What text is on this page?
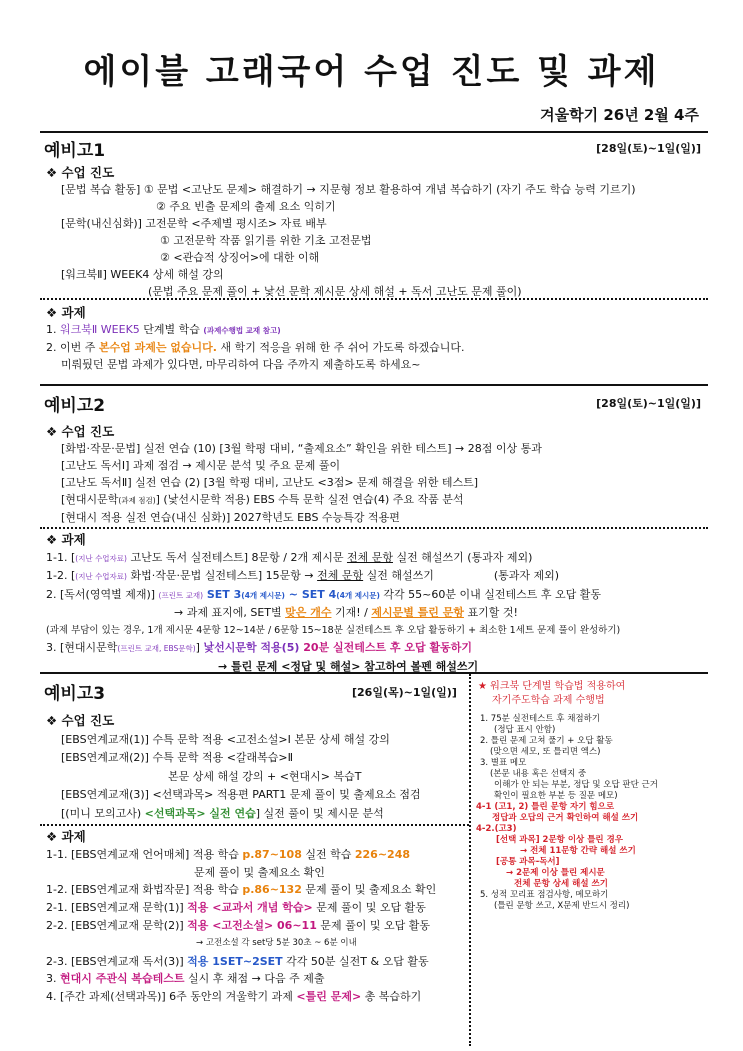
에이블 고래국어 수업 진도 및 과제
겨울학기 26년 2월 4주
예비고1	[28일(토)~1일(일)]
❖ 수업 진도
[문법 복습 활동] ① 문법 <고난도 문제> 해결하기 → 지문형 정보 활용하여 개념 복습하기 (자기 주도 학습 능력 기르기)
② 주요 빈출 문제의 출제 요소 익히기
[문학(내신심화)] 고전문학 <주제별 평시조> 자료 배부
① 고전문학 작품 읽기를 위한 기초 고전문법
② <관습적 상징어>에 대한 이해
[워크북Ⅱ] WEEK4 상세 해설 강의
(문법 주요 문제 풀이 + 낯선 문학 제시문 상세 해설 + 독서 고난도 문제 풀이)
❖ 과제
1. 워크북Ⅱ WEEK5 단계별 학습 (과제수행법 교재 참고)
2. 이번 주 본수업 과제는 없습니다. 새 학기 적응을 위해 한 주 쉬어 가도록 하겠습니다.
미뤄뒀던 문법 과제가 있다면, 마무리하여 다음 주까지 제출하도록 하세요~
예비고2	[28일(토)~1일(일)]
❖ 수업 진도
[화법·작문·문법] 실전 연습 (10) [3월 학평 대비, “출제요소” 확인을 위한 테스트] → 28점 이상 통과
[고난도 독서Ⅰ] 과제 점검 → 제시문 분석 및 주요 문제 풀이
[고난도 독서Ⅱ] 실전 연습 (2) [3월 학평 대비, 고난도 <3점> 문제 해결을 위한 테스트]
[현대시문학(과제 점검)] (낯선시문학 적용) EBS 수특 문학 실전 연습(4) 주요 작품 분석
[현대시 적용 실전 연습(내신 심화)] 2027학년도 EBS 수능특강 적용편
❖ 과제
1-1. [(지난 수업자료) 고난도 독서 실전테스트] 8문항 / 2개 제시문 전체 문항 실전 해설쓰기 (통과자 제외)
1-2. [(지난 수업자료) 화법·작문·문법 실전테스트] 15문항 → 전체 문항 실전 해설쓰기	(통과자 제외)
2. [독서(영역별 제재)] (프린트 교재) SET 3(4개 제시문) ~ SET 4(4개 제시문) 각각 55~60분 이내 실전테스트 후 오답 활동
→ 과제 표지에, SET별 맞은 개수 기재! / 제시문별 틀린 문항 표기할 것!
(과제 부담이 있는 경우, 1개 제시문 4문항 12~14분 / 6문항 15~18분 실전테스트 후 오답 활동하기 + 최소한 1세트 문제 풀이 완성하기)
3. [현대시문학(프린트 교재, EBS문학)] 낯선시문학 적용(5) 20분 실전테스트 후 오답 활동하기
→ 틀린 문제 <정답 및 해설> 참고하여 볼펜 해설쓰기
예비고3	[26일(목)~1일(일)]
❖ 수업 진도
[EBS연계교재(1)] 수특 문학 적용 <고전소설>Ⅰ 본문 상세 해설 강의
[EBS연계교재(2)] 수특 문학 적용 <갈래복습>Ⅱ
본문 상세 해설 강의 + <현대시> 복습T
[EBS연계교재(3)] <선택과목> 적용편 PART1 문제 풀이 및 출제요소 점검
[(미니 모의고사) <선택과목> 실전 연습] 실전 풀이 및 제시문 분석
❖ 과제
1-1. [EBS연계교재 언어매체] 적용 학습 p.87~108 실전 학습 226~248
문제 풀이 및 출제요소 확인
1-2. [EBS연계교재 화법작문] 적용 학습 p.86~132 문제 풀이 및 출제요소 확인
2-1. [EBS연계교재 문학(1)] 적용 <교과서 개념 학습> 문제 풀이 및 오답 활동
2-2. [EBS연계교재 문학(2)] 적용 <고전소설> 06~11 문제 풀이 및 오답 활동
→ 고전소설 각 set당 5분 30초 ~ 6분 이내
2-3. [EBS연계교재 독서(3)] 적용 1SET~2SET 각각 50분 실전T & 오답 활동
3. 현대시 주관식 복습테스트 실시 후 채점 → 다음 주 제출
4. [주간 과제(선택과목)] 6주 동안의 겨울학기 과제 <틀린 문제> 총 복습하기
★ 워크북 단계별 학습법 적용하여
자기주도학습 과제 수행법
1. 75분 실전테스트 후 채점하기
(정답 표시 안함)
2. 틀린 문제 고쳐 풀기 + 오답 활동
(맞으면 세모, 또 틀리면 엑스)
3. 별표 메모
(본문 내용 혹은 선택지 중
이해가 안 되는 부분, 정답 및 오답 판단 근거
확인이 필요한 부분 등 질문 메모)
4-1 (고1, 2) 틀린 문항 자기 힘으로
정답과 오답의 근거 확인하여 해설 쓰기
4-2.(고3)
[선택 과목] 2문항 이상 틀린 경우
→ 전체 11문항 간략 해설 쓰기
[공통 과목-독서]
→ 2문제 이상 틀린 제시문
전체 문항 상세 해설 쓰기
5. 성적 꼬리표 점검사항, 메모하기
(틀린 문항 쓰고, X문제 반드시 정리)
